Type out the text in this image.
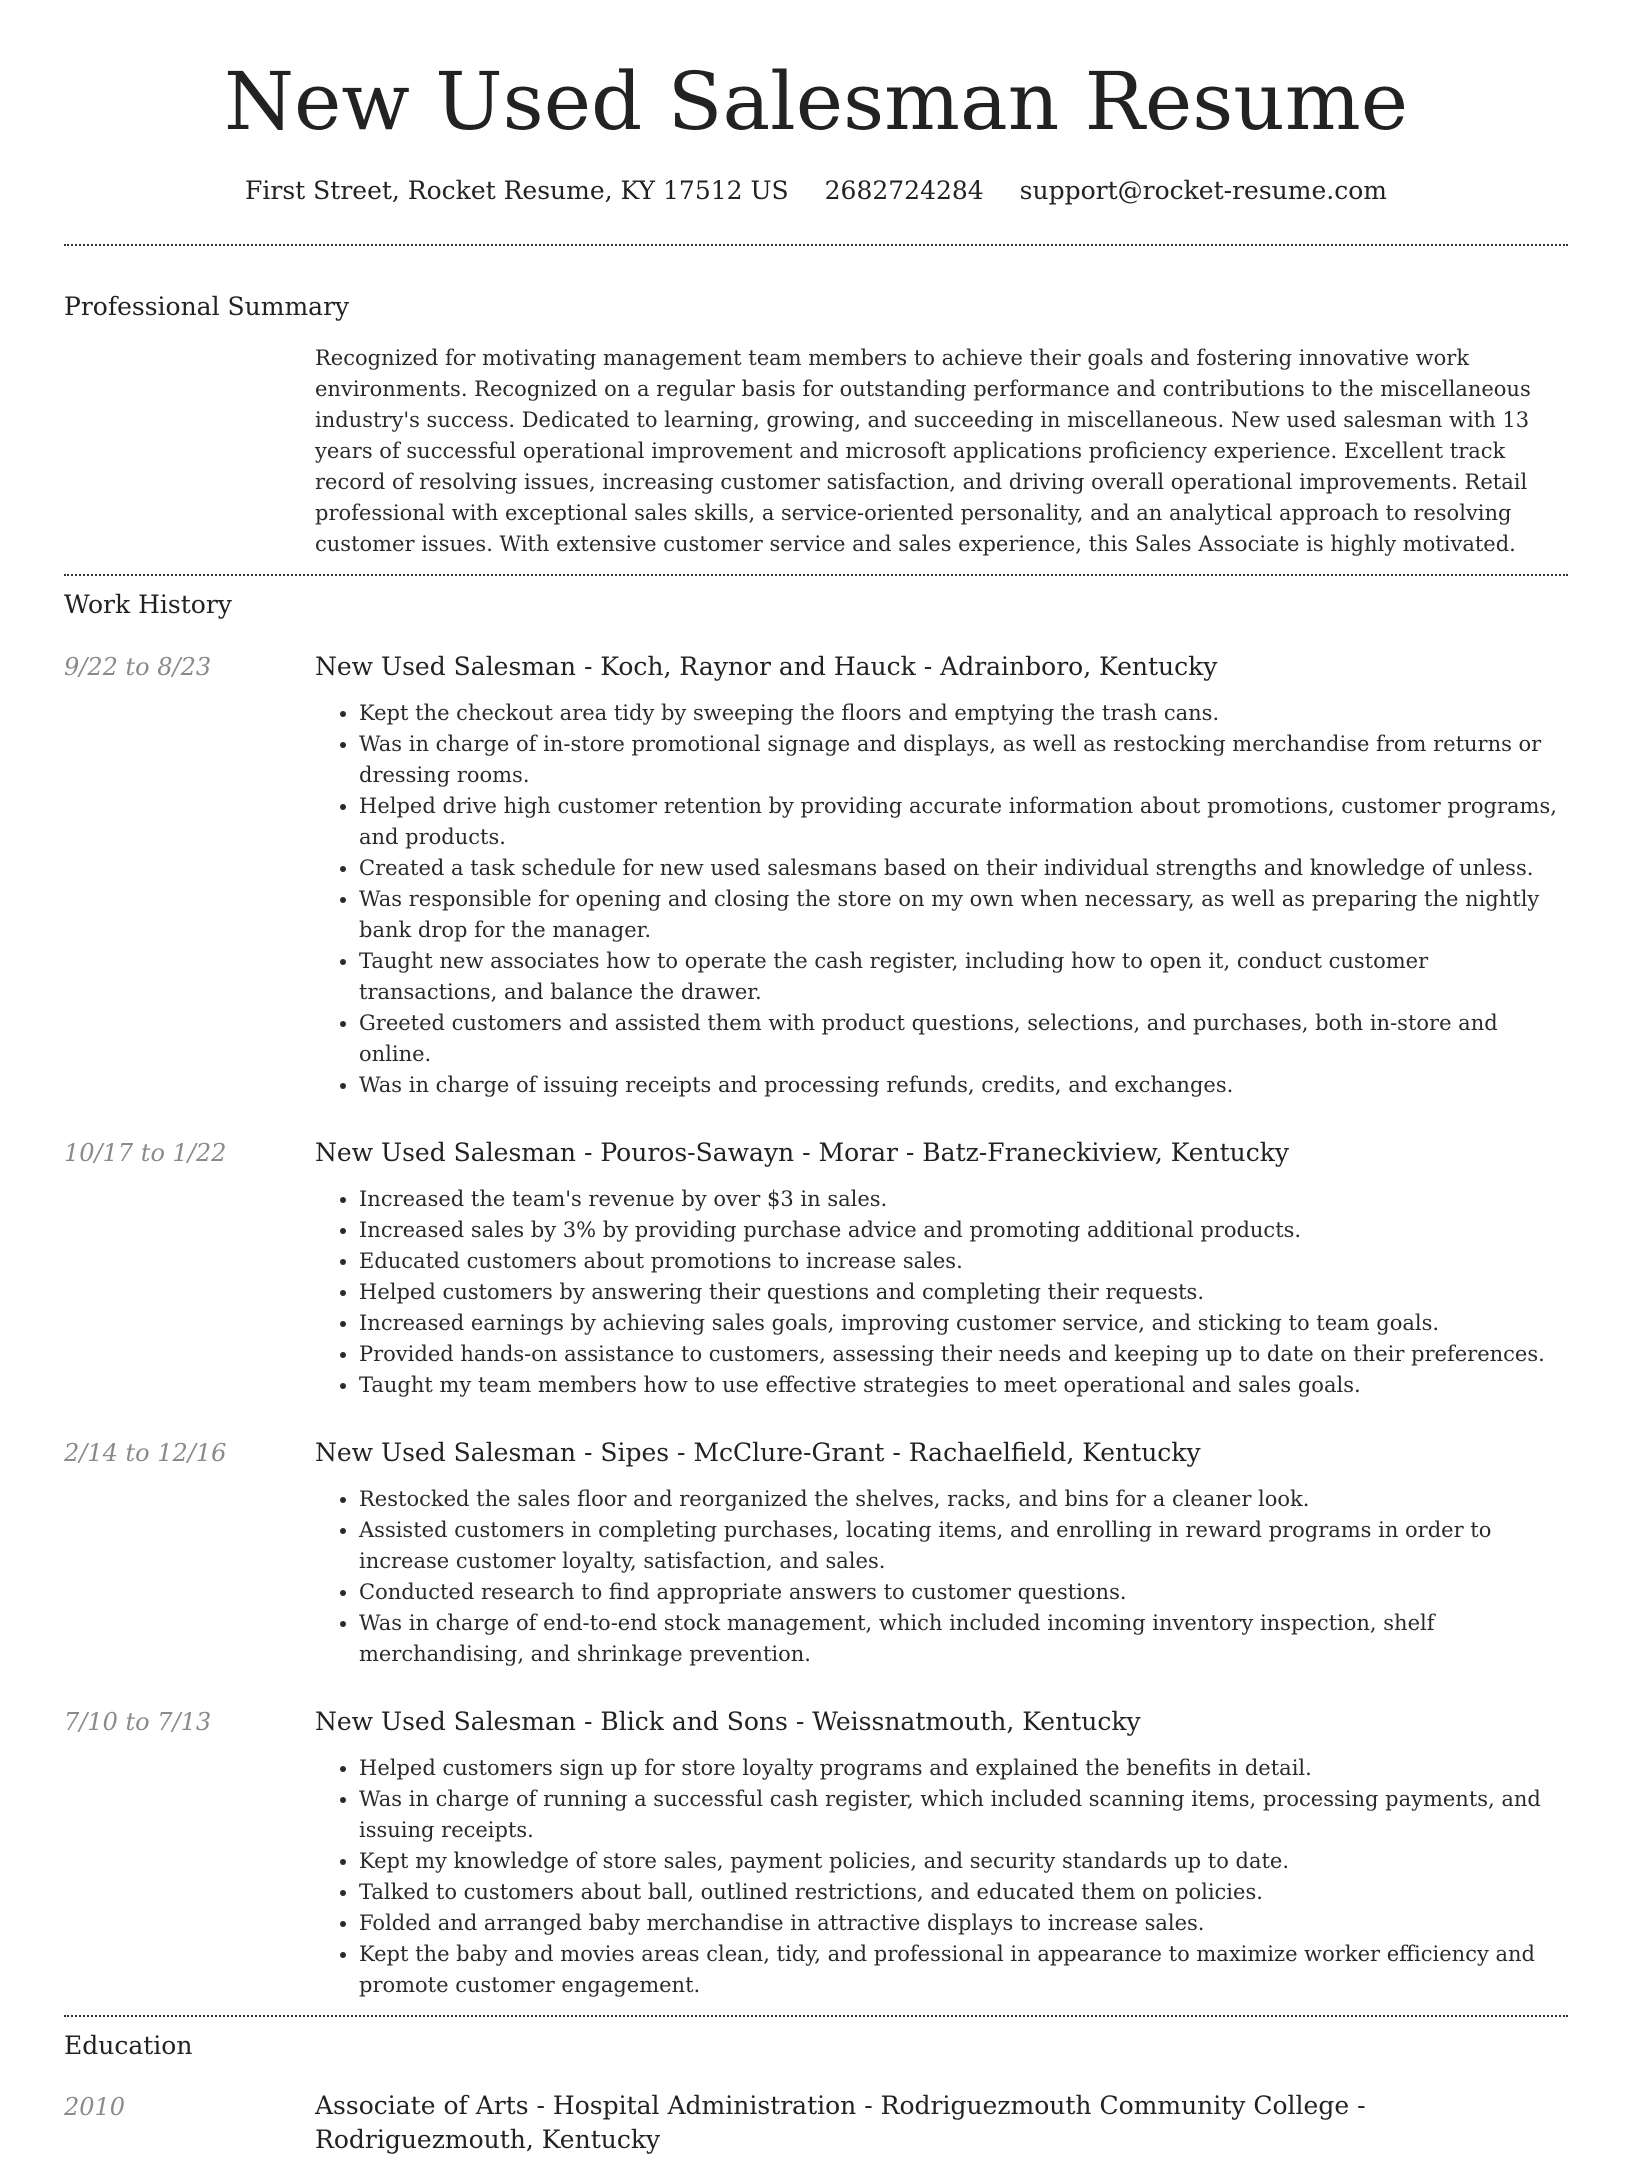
New Used Salesman Resume
First Street, Rocket Resume, KY 17512 US 2682724284 support@rocket-resume.com
Professional Summary

Recognized for motivating management team members to achieve their goals and fostering innovative work environments. Recognized on a regular basis for outstanding performance and contributions to the miscellaneous industry's success. Dedicated to learning, growing, and succeeding in miscellaneous. New used salesman with 13 years of successful operational improvement and microsoft applications proficiency experience. Excellent track record of resolving issues, increasing customer satisfaction, and driving overall operational improvements. Retail professional with exceptional sales skills, a service-oriented personality, and an analytical approach to resolving customer issues. With extensive customer service and sales experience, this Sales Associate is highly motivated.

Work History
9/22 to 8/23	New Used Salesman - Koch, Raynor and Hauck - Adrainboro, Kentucky
• Kept the checkout area tidy by sweeping the floors and emptying the trash cans.
• Was in charge of in-store promotional signage and displays, as well as restocking merchandise from returns or dressing rooms.
• Helped drive high customer retention by providing accurate information about promotions, customer programs, and products.
• Created a task schedule for new used salesmans based on their individual strengths and knowledge of unless.
• Was responsible for opening and closing the store on my own when necessary, as well as preparing the nightly bank drop for the manager.
• Taught new associates how to operate the cash register, including how to open it, conduct customer transactions, and balance the drawer.
• Greeted customers and assisted them with product questions, selections, and purchases, both in-store and online.
• Was in charge of issuing receipts and processing refunds, credits, and exchanges.
10/17 to 1/22	New Used Salesman - Pouros-Sawayn - Morar - Batz-Franeckiview, Kentucky
• Increased the team's revenue by over $3 in sales.
• Increased sales by 3% by providing purchase advice and promoting additional products.
• Educated customers about promotions to increase sales.
• Helped customers by answering their questions and completing their requests.
• Increased earnings by achieving sales goals, improving customer service, and sticking to team goals.
• Provided hands-on assistance to customers, assessing their needs and keeping up to date on their preferences.
• Taught my team members how to use effective strategies to meet operational and sales goals.
2/14 to 12/16	New Used Salesman - Sipes - McClure-Grant - Rachaelfield, Kentucky
• Restocked the sales floor and reorganized the shelves, racks, and bins for a cleaner look.
• Assisted customers in completing purchases, locating items, and enrolling in reward programs in order to increase customer loyalty, satisfaction, and sales.
• Conducted research to find appropriate answers to customer questions.
• Was in charge of end-to-end stock management, which included incoming inventory inspection, shelf merchandising, and shrinkage prevention.
7/10 to 7/13	New Used Salesman - Blick and Sons - Weissnatmouth, Kentucky
• Helped customers sign up for store loyalty programs and explained the benefits in detail.
• Was in charge of running a successful cash register, which included scanning items, processing payments, and issuing receipts.
• Kept my knowledge of store sales, payment policies, and security standards up to date.
• Talked to customers about ball, outlined restrictions, and educated them on policies.
• Folded and arranged baby merchandise in attractive displays to increase sales.
• Kept the baby and movies areas clean, tidy, and professional in appearance to maximize worker efficiency and promote customer engagement.
Education
2010	Associate of Arts - Hospital Administration - Rodriguezmouth Community College - Rodriguezmouth, Kentucky
